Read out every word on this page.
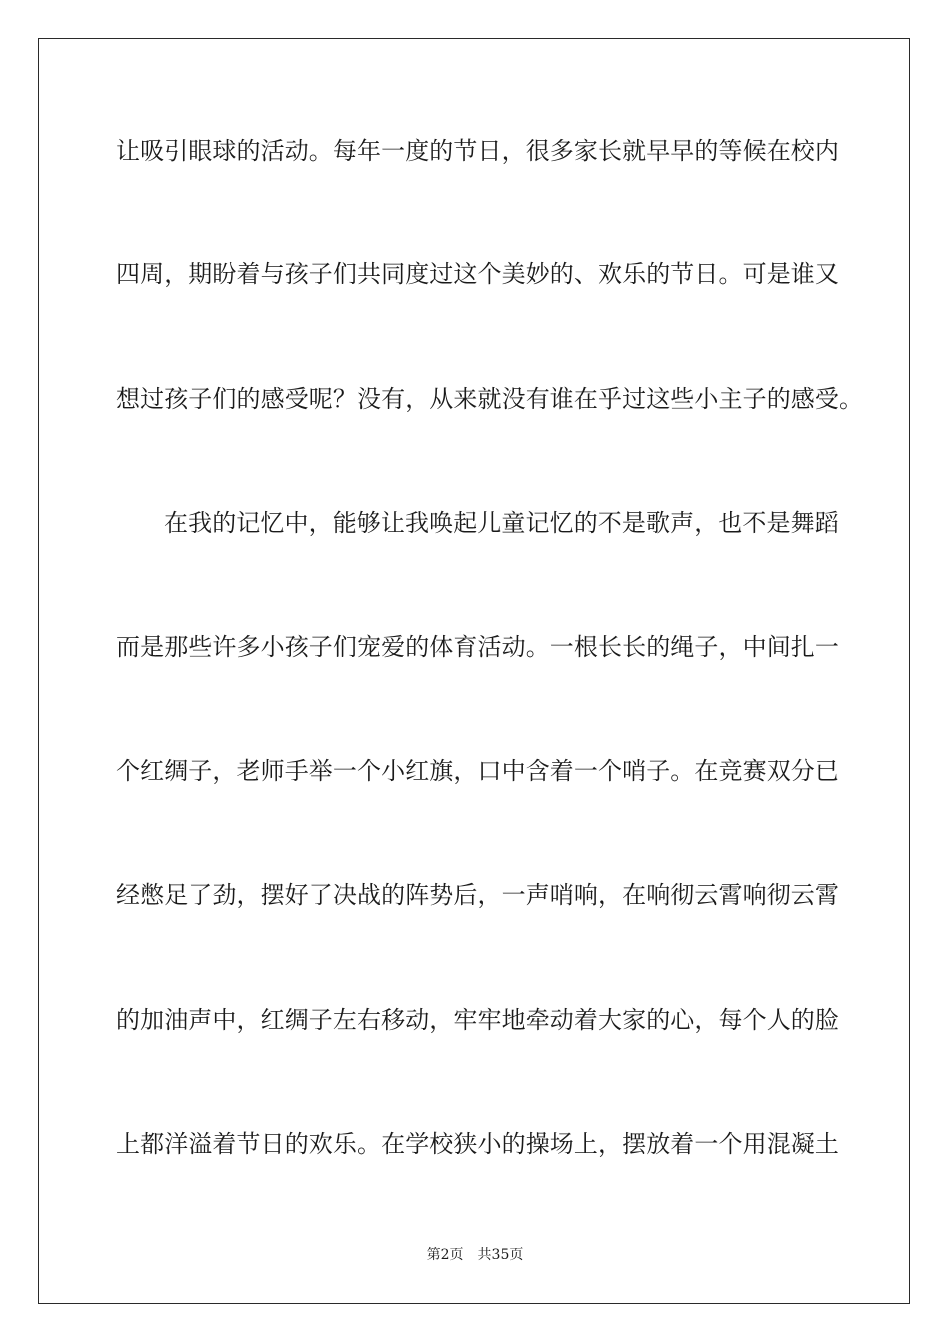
让吸引眼球的活动。每年一度的节日，很多家长就早早的等候在校内
四周，期盼着与孩子们共同度过这个美妙的、欢乐的节日。可是谁又
想过孩子们的感受呢？没有，从来就没有谁在乎过这些小主子的感受。
在我的记忆中，能够让我唤起儿童记忆的不是歌声，也不是舞蹈
而是那些许多小孩子们宠爱的体育活动。一根长长的绳子，中间扎一
个红绸子，老师手举一个小红旗，口中含着一个哨子。在竞赛双分已
经憋足了劲，摆好了决战的阵势后，一声哨响，在响彻云霄响彻云霄
的加油声中，红绸子左右移动，牢牢地牵动着大家的心，每个人的脸
上都洋溢着节日的欢乐。在学校狭小的操场上，摆放着一个用混凝土
第2页 共35页
